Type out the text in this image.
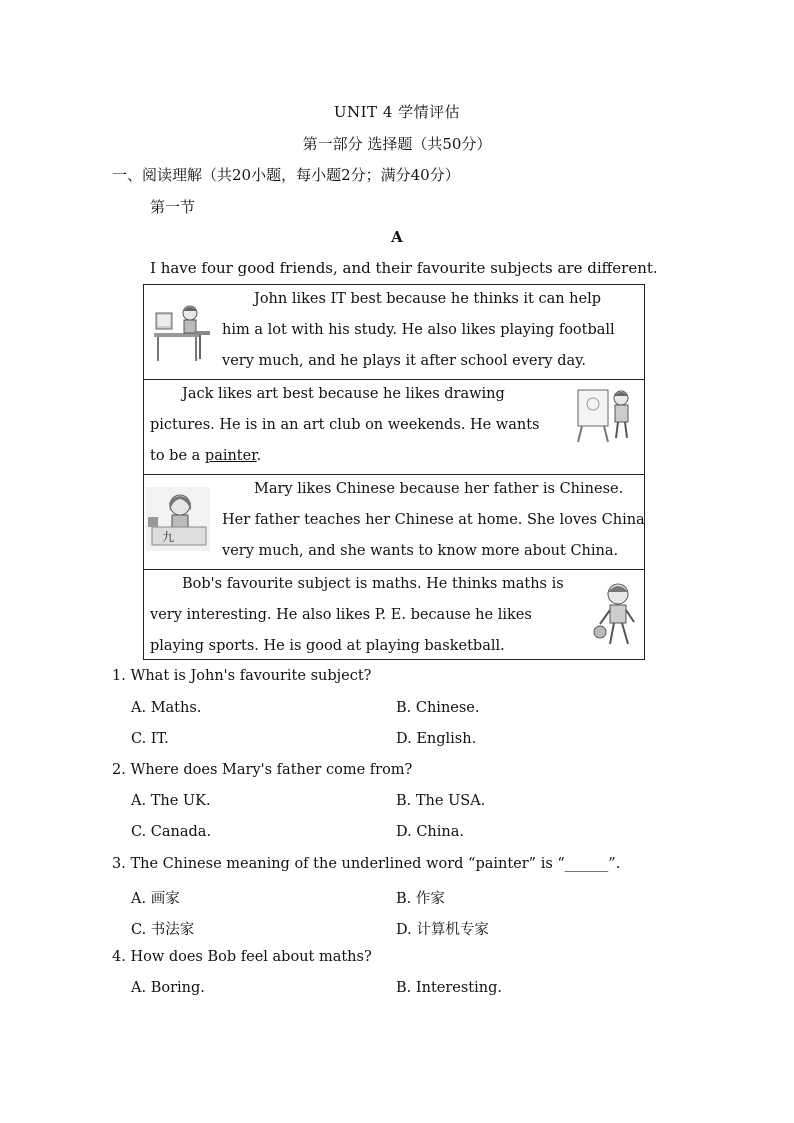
UNIT 4 学情评估
第一部分 选择题（共50分）
一、阅读理解（共20小题，每小题2分；满分40分）
第一节
A
I have four good friends, and their favourite subjects are different.
John likes IT best because he thinks it can help
him a lot with his study. He also likes playing football
very much, and he plays it after school every day.
Jack likes art best because he likes drawing
pictures. He is in an art club on weekends. He wants
to be a painter.
九
Mary likes Chinese because her father is Chinese.
Her father teaches her Chinese at home. She loves China
very much, and she wants to know more about China.
Bob's favourite subject is maths. He thinks maths is
very interesting. He also likes P. E. because he likes
playing sports. He is good at playing basketball.
1. What is John's favourite subject?
A. Maths.	B. Chinese.
C. IT.	D. English.
2. Where does Mary's father come from?
A. The UK.	B. The USA.
C. Canada.	D. China.
3. The Chinese meaning of the underlined word “painter” is “______”.
A. 画家	B. 作家
C. 书法家	D. 计算机专家
4. How does Bob feel about maths?
A. Boring.	B. Interesting.
